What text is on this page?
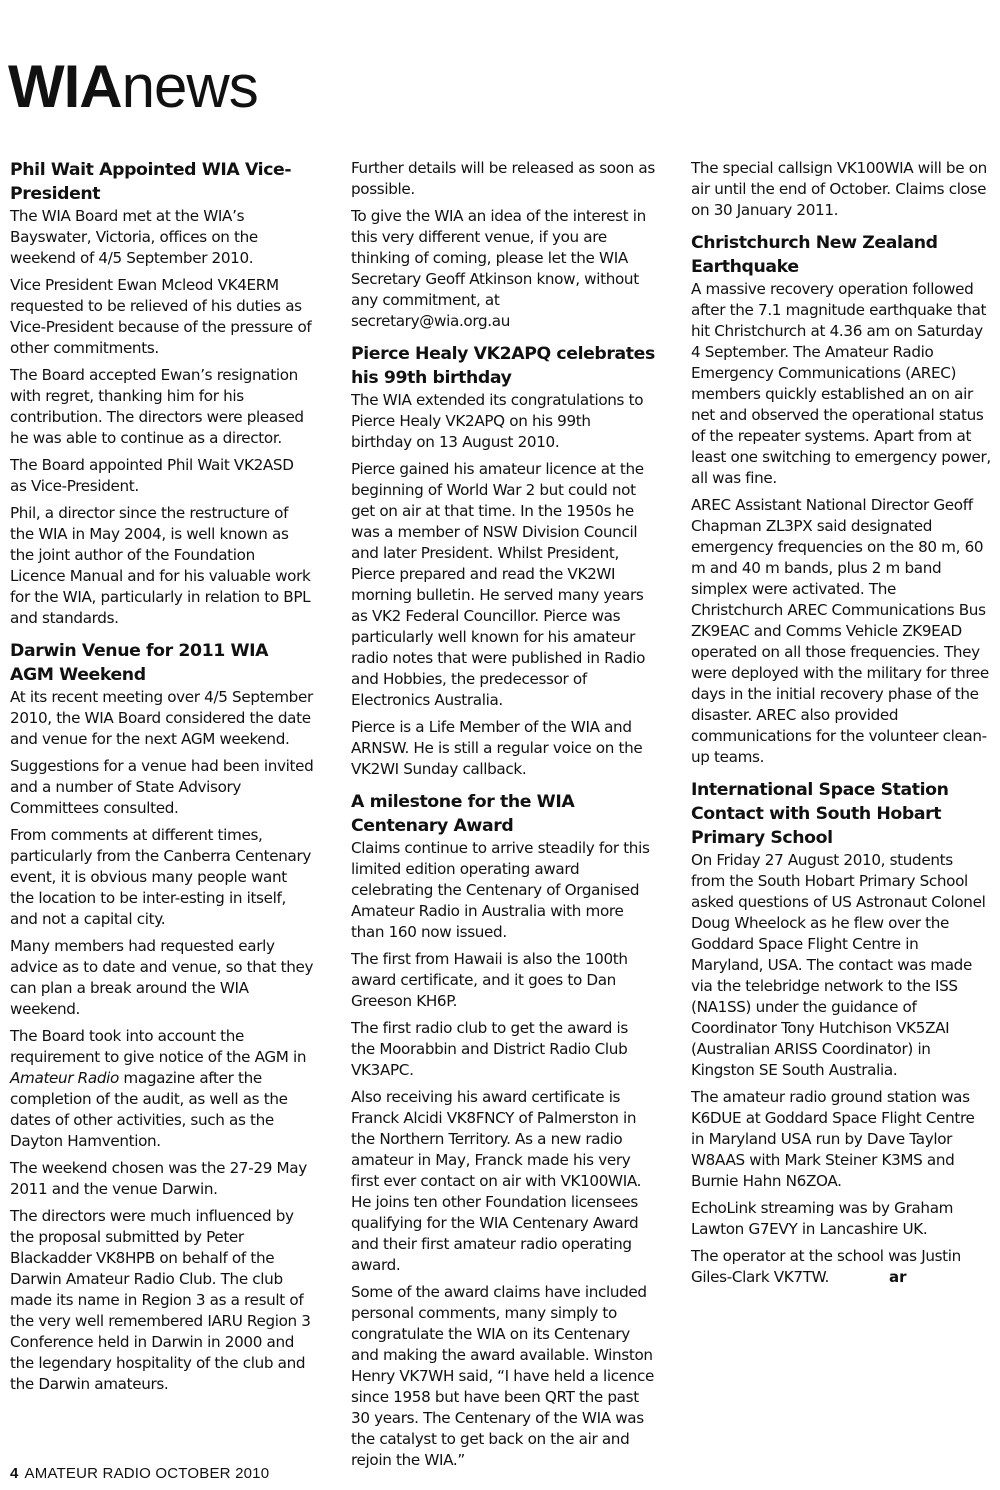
WIAnews
Phil Wait Appointed WIA Vice-President

The WIA Board met at the WIA’s Bayswater, Victoria, offices on the weekend of 4/5 September 2010.

Vice President Ewan Mcleod VK4ERM requested to be relieved of his duties as Vice-President because of the pressure of other commitments.

The Board accepted Ewan’s resignation with regret, thanking him for his contribution. The directors were pleased he was able to continue as a director.

The Board appointed Phil Wait VK2ASD as Vice-President.

Phil, a director since the restructure of the WIA in May 2004, is well known as the joint author of the Foundation Licence Manual and for his valuable work for the WIA, particularly in relation to BPL and standards.

Darwin Venue for 2011 WIA AGM Weekend

At its recent meeting over 4/5 September 2010, the WIA Board considered the date and venue for the next AGM weekend.

Suggestions for a venue had been invited and a number of State Advisory Committees consulted.

From comments at different times, particularly from the Canberra Centenary event, it is obvious many people want the location to be inter-esting in itself, and not a capital city.

Many members had requested early advice as to date and venue, so that they can plan a break around the WIA weekend.

The Board took into account the requirement to give notice of the AGM in Amateur Radio magazine after the completion of the audit, as well as the dates of other activities, such as the Dayton Hamvention.

The weekend chosen was the 27-29 May 2011 and the venue Darwin.

The directors were much influenced by the proposal submitted by Peter Blackadder VK8HPB on behalf of the Darwin Amateur Radio Club. The club made its name in Region 3 as a result of the very well remembered IARU Region 3 Conference held in Darwin in 2000 and the legendary hospitality of the club and the Darwin amateurs.

Further details will be released as soon as possible.

To give the WIA an idea of the interest in this very different venue, if you are thinking of coming, please let the WIA Secretary Geoff Atkinson know, without any commitment, at secretary@wia.org.au

Pierce Healy VK2APQ celebrates his 99th birthday

The WIA extended its congratulations to Pierce Healy VK2APQ on his 99th birthday on 13 August 2010.

Pierce gained his amateur licence at the beginning of World War 2 but could not get on air at that time. In the 1950s he was a member of NSW Division Council and later President. Whilst President, Pierce prepared and read the VK2WI morning bulletin. He served many years as VK2 Federal Councillor. Pierce was particularly well known for his amateur radio notes that were published in Radio and Hobbies, the predecessor of Electronics Australia.

Pierce is a Life Member of the WIA and ARNSW. He is still a regular voice on the VK2WI Sunday callback.

A milestone for the WIA Centenary Award

Claims continue to arrive steadily for this limited edition operating award celebrating the Centenary of Organised Amateur Radio in Australia with more than 160 now issued.

The first from Hawaii is also the 100th award certificate, and it goes to Dan Greeson KH6P.

The first radio club to get the award is the Moorabbin and District Radio Club VK3APC.

Also receiving his award certificate is Franck Alcidi VK8FNCY of Palmerston in the Northern Territory. As a new radio amateur in May, Franck made his very first ever contact on air with VK100WIA. He joins ten other Foundation licensees qualifying for the WIA Centenary Award and their first amateur radio operating award.

Some of the award claims have included personal comments, many simply to congratulate the WIA on its Centenary and making the award available. Winston Henry VK7WH said, “I have held a licence since 1958 but have been QRT the past 30 years. The Centenary of the WIA was the catalyst to get back on the air and rejoin the WIA.”

The special callsign VK100WIA will be on air until the end of October. Claims close on 30 January 2011.

Christchurch New Zealand Earthquake

A massive recovery operation followed after the 7.1 magnitude earthquake that hit Christchurch at 4.36 am on Saturday 4 September. The Amateur Radio Emergency Communications (AREC) members quickly established an on air net and observed the operational status of the repeater systems. Apart from at least one switching to emergency power, all was fine.

AREC Assistant National Director Geoff Chapman ZL3PX said designated emergency frequencies on the 80 m, 60 m and 40 m bands, plus 2 m band simplex were activated. The Christchurch AREC Communications Bus ZK9EAC and Comms Vehicle ZK9EAD operated on all those frequencies. They were deployed with the military for three days in the initial recovery phase of the disaster. AREC also provided communications for the volunteer clean-up teams.

International Space Station Contact with South Hobart Primary School

On Friday 27 August 2010, students from the South Hobart Primary School asked questions of US Astronaut Colonel Doug Wheelock as he flew over the Goddard Space Flight Centre in Maryland, USA. The contact was made via the telebridge network to the ISS (NA1SS) under the guidance of Coordinator Tony Hutchison VK5ZAI (Australian ARISS Coordinator) in Kingston SE South Australia.

The amateur radio ground station was K6DUE at Goddard Space Flight Centre in Maryland USA run by Dave Taylor W8AAS with Mark Steiner K3MS and Burnie Hahn N6ZOA.

EchoLink streaming was by Graham Lawton G7EVY in Lancashire UK.

The operator at the school was Justin Giles-Clark VK7TW.	ar

4 AMATEUR RADIO OCTOBER 2010
